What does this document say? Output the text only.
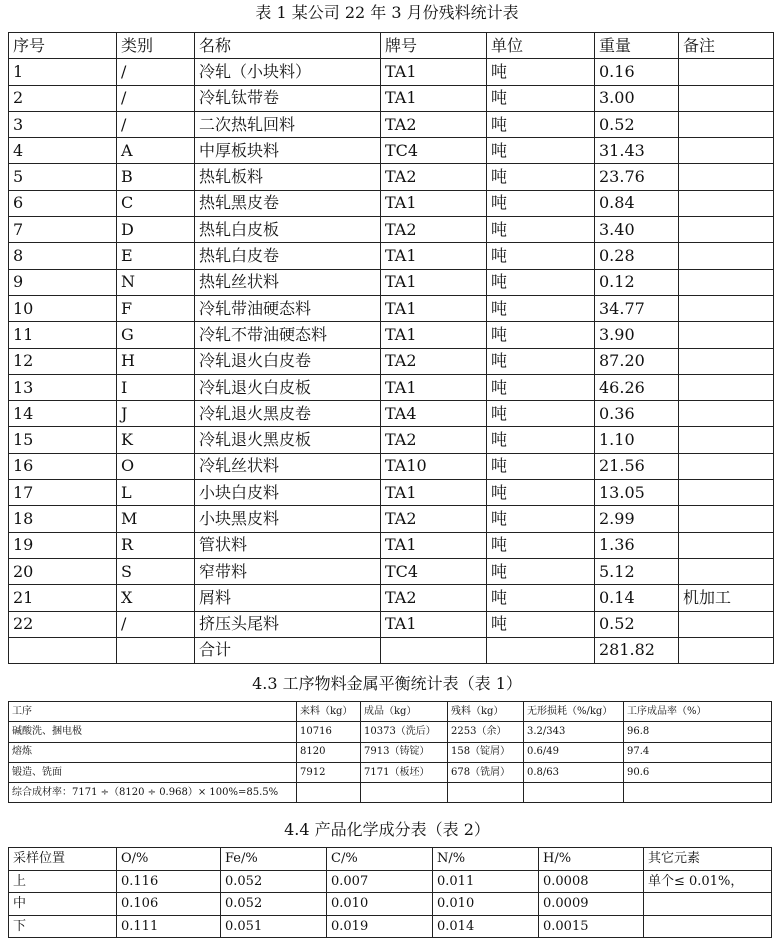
表 1 某公司 22 年 3 月份残料统计表
序号	类别	名称	牌号	单位	重量	备注
1	/	冷轧（小块料）	TA1	吨	0.16	
2	/	冷轧钛带卷	TA1	吨	3.00	
3	/	二次热轧回料	TA2	吨	0.52	
4	A	中厚板块料	TC4	吨	31.43	
5	B	热轧板料	TA2	吨	23.76	
6	C	热轧黑皮卷	TA1	吨	0.84	
7	D	热轧白皮板	TA2	吨	3.40	
8	E	热轧白皮卷	TA1	吨	0.28	
9	N	热轧丝状料	TA1	吨	0.12	
10	F	冷轧带油硬态料	TA1	吨	34.77	
11	G	冷轧不带油硬态料	TA1	吨	3.90	
12	H	冷轧退火白皮卷	TA2	吨	87.20	
13	I	冷轧退火白皮板	TA1	吨	46.26	
14	J	冷轧退火黑皮卷	TA4	吨	0.36	
15	K	冷轧退火黑皮板	TA2	吨	1.10	
16	O	冷轧丝状料	TA10	吨	21.56	
17	L	小块白皮料	TA1	吨	13.05	
18	M	小块黑皮料	TA2	吨	2.99	
19	R	管状料	TA1	吨	1.36	
20	S	窄带料	TC4	吨	5.12	
21	X	屑料	TA2	吨	0.14	机加工
22	/	挤压头尾料	TA1	吨	0.52	
		合计			281.82	
4.3 工序物料金属平衡统计表（表 1）
工序	来料（kg）	成品（kg）	残料（kg）	无形损耗（%/kg）	工序成品率（%）
碱酸洗、捆电极	10716	10373（洗后）	2253（余）	3.2/343	96.8
熔炼	8120	7913（铸锭）	158（锭屑）	0.6/49	97.4
锻造、铣面	7912	7171（板坯）	678（铣屑）	0.8/63	90.6
综合成材率：7171 ÷（8120 ÷ 0.968）× 100%=85.5%					
4.4 产品化学成分表（表 2）
采样位置	O/%	Fe/%	C/%	N/%	H/%	其它元素
上	0.116	0.052	0.007	0.011	0.0008	单个≤ 0.01%，
中	0.106	0.052	0.010	0.010	0.0009	
下	0.111	0.051	0.019	0.014	0.0015	
